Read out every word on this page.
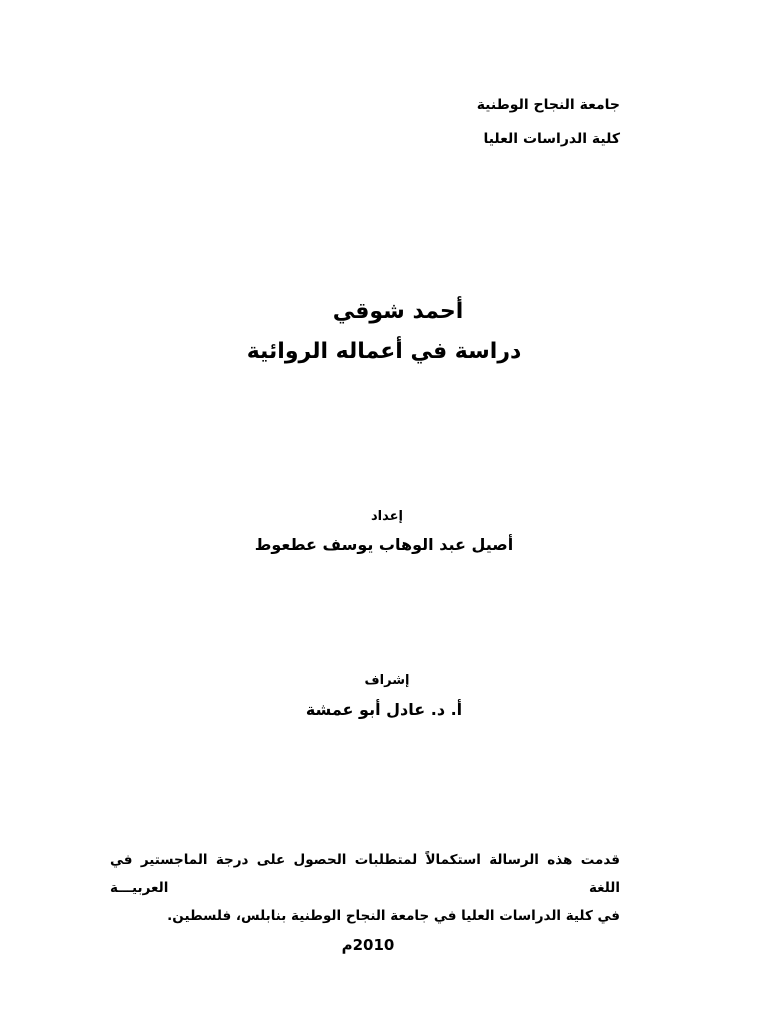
جامعة النجاح الوطنية
كلية الدراسات العليا
أحمد شوقي
دراسة في أعماله الروائية
إعداد
أصيل عبد الوهاب يوسف عطعوط
إشراف
أ. د. عادل أبو عمشة
قدمت هذه الرسالة استكمالاً لمتطلبات الحصول على درجة الماجستير في اللغة العربيـــة
في كلية الدراسات العليا في جامعة النجاح الوطنية بنابلس، فلسطين.
2010م
